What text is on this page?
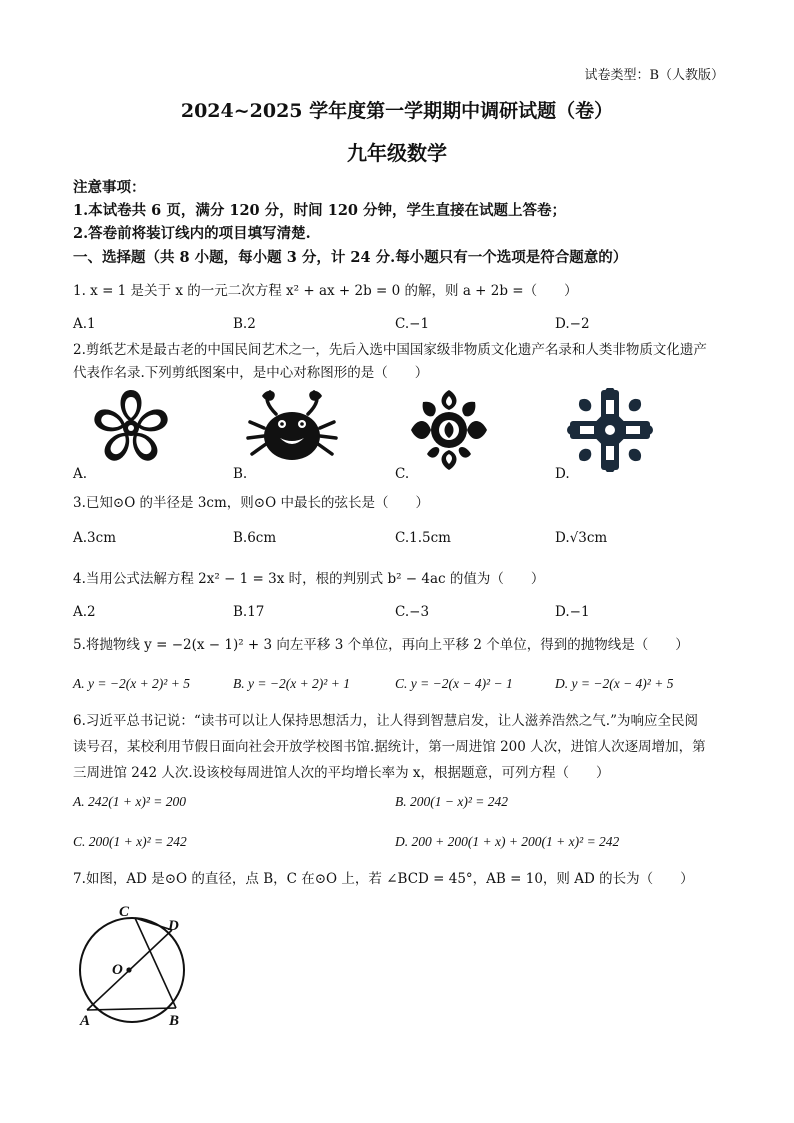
试卷类型：B（人教版）
2024~2025 学年度第一学期期中调研试题（卷）
九年级数学
注意事项：
1.本试卷共 6 页，满分 120 分，时间 120 分钟，学生直接在试题上答卷；
2.答卷前将装订线内的项目填写清楚.
一、选择题（共 8 小题，每小题 3 分，计 24 分.每小题只有一个选项是符合题意的）
1. x = 1 是关于 x 的一元二次方程 x² + ax + 2b = 0 的解，则 a + 2b =（　　）
A.1	B.2	C.−1	D.−2
2.剪纸艺术是最古老的中国民间艺术之一，先后入选中国国家级非物质文化遗产名录和人类非物质文化遗产
代表作名录.下列剪纸图案中，是中心对称图形的是（　　）
A.	B.	C.	D.
3.已知⊙O 的半径是 3cm，则⊙O 中最长的弦长是（　　）
A.3cm	B.6cm	C.1.5cm	D.√3cm
4.当用公式法解方程 2x² − 1 = 3x 时，根的判别式 b² − 4ac 的值为（　　）
A.2	B.17	C.−3	D.−1
5.将抛物线 y = −2(x − 1)² + 3 向左平移 3 个单位，再向上平移 2 个单位，得到的抛物线是（　　）
A. y = −2(x + 2)² + 5	B. y = −2(x + 2)² + 1	C. y = −2(x − 4)² − 1	D. y = −2(x − 4)² + 5
6.习近平总书记说：“读书可以让人保持思想活力，让人得到智慧启发，让人滋养浩然之气.”为响应全民阅
读号召，某校利用节假日面向社会开放学校图书馆.据统计，第一周进馆 200 人次，进馆人次逐周增加，第
三周进馆 242 人次.设该校每周进馆人次的平均增长率为 x，根据题意，可列方程（　　）
A. 242(1 + x)² = 200	B. 200(1 − x)² = 242
C. 200(1 + x)² = 242	D. 200 + 200(1 + x) + 200(1 + x)² = 242
7.如图，AD 是⊙O 的直径，点 B，C 在⊙O 上，若 ∠BCD = 45°，AB = 10，则 AD 的长为（　　）
C
D
O
A	B
